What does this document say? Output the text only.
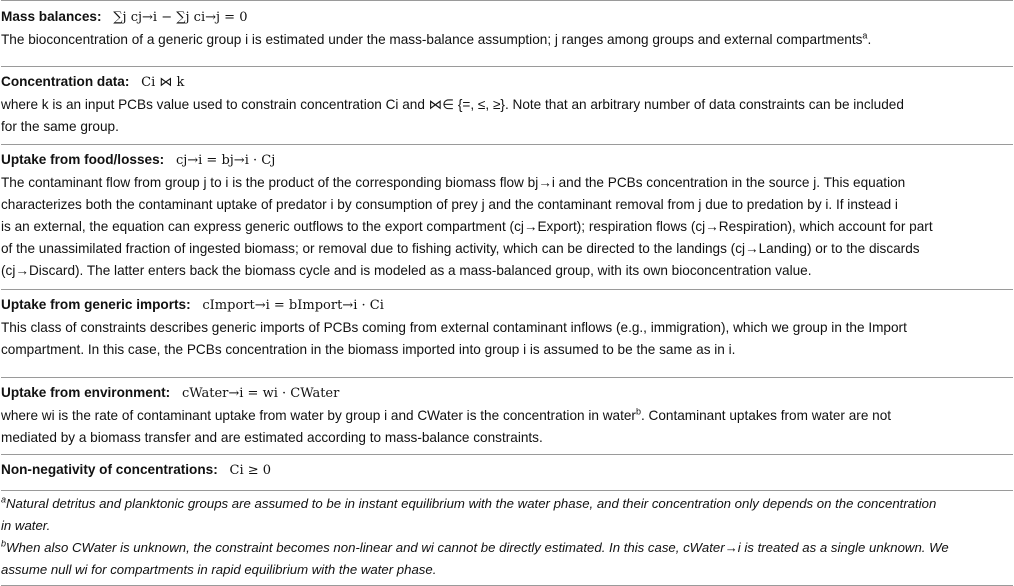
Mass balances: ∑j cj→i − ∑j ci→j = 0

The bioconcentration of a generic group i is estimated under the mass-balance assumption; j ranges among groups and external compartments$^a$.

Concentration data: Ci ⋈ k

where k is an input PCBs value used to constrain concentration Ci and ⋈∈ {=, ≤, ≥}. Note that an arbitrary number of data constraints can be included

for the same group.

Uptake from food/losses: cj→i = bj→i · Cj

The contaminant flow from group j to i is the product of the corresponding biomass flow bj→i and the PCBs concentration in the source j. This equation

characterizes both the contaminant uptake of predator i by consumption of prey j and the contaminant removal from j due to predation by i. If instead i

is an external, the equation can express generic outflows to the export compartment (cj→Export); respiration flows (cj→Respiration), which account for part

of the unassimilated fraction of ingested biomass; or removal due to fishing activity, which can be directed to the landings (cj→Landing) or to the discards

(cj→Discard). The latter enters back the biomass cycle and is modeled as a mass-balanced group, with its own bioconcentration value.

Uptake from generic imports: cImport→i = bImport→i · Ci

This class of constraints describes generic imports of PCBs coming from external contaminant inflows (e.g., immigration), which we group in the Import

compartment. In this case, the PCBs concentration in the biomass imported into group i is assumed to be the same as in i.

Uptake from environment: cWater→i = wi · CWater

where wi is the rate of contaminant uptake from water by group i and CWater is the concentration in water$^b$. Contaminant uptakes from water are not

mediated by a biomass transfer and are estimated according to mass-balance constraints.

Non-negativity of concentrations: Ci ≥ 0

$^a$Natural detritus and planktonic groups are assumed to be in instant equilibrium with the water phase, and their concentration only depends on the concentration

in water.

$^b$When also CWater is unknown, the constraint becomes non-linear and wi cannot be directly estimated. In this case, cWater→i is treated as a single unknown. We

assume null wi for compartments in rapid equilibrium with the water phase.
